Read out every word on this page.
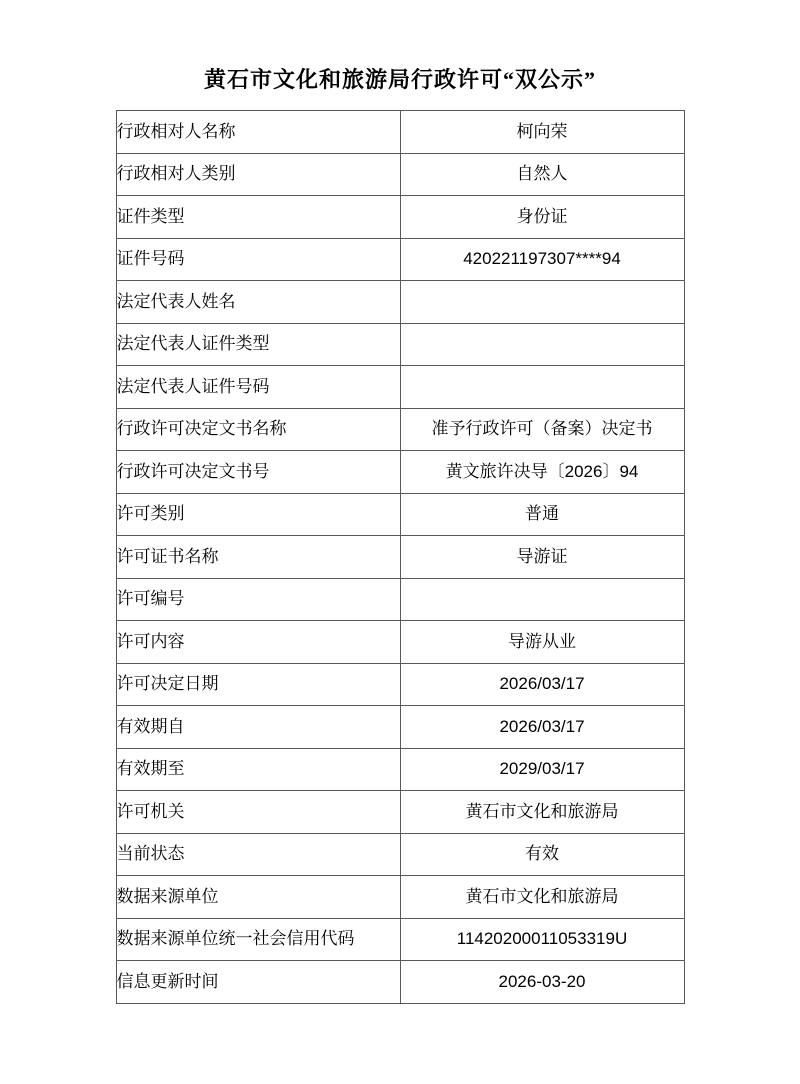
黄石市文化和旅游局行政许可“双公示”
行政相对人名称	柯向荣
行政相对人类别	自然人
证件类型	身份证
证件号码	420221197307****94
法定代表人姓名	
法定代表人证件类型	
法定代表人证件号码	
行政许可决定文书名称	准予行政许可（备案）决定书
行政许可决定文书号	黄文旅许决导〔2026〕94
许可类别	普通
许可证书名称	导游证
许可编号	
许可内容	导游从业
许可决定日期	2026/03/17
有效期自	2026/03/17
有效期至	2029/03/17
许可机关	黄石市文化和旅游局
当前状态	有效
数据来源单位	黄石市文化和旅游局
数据来源单位统一社会信用代码	11420200011053319U
信息更新时间	2026-03-20
